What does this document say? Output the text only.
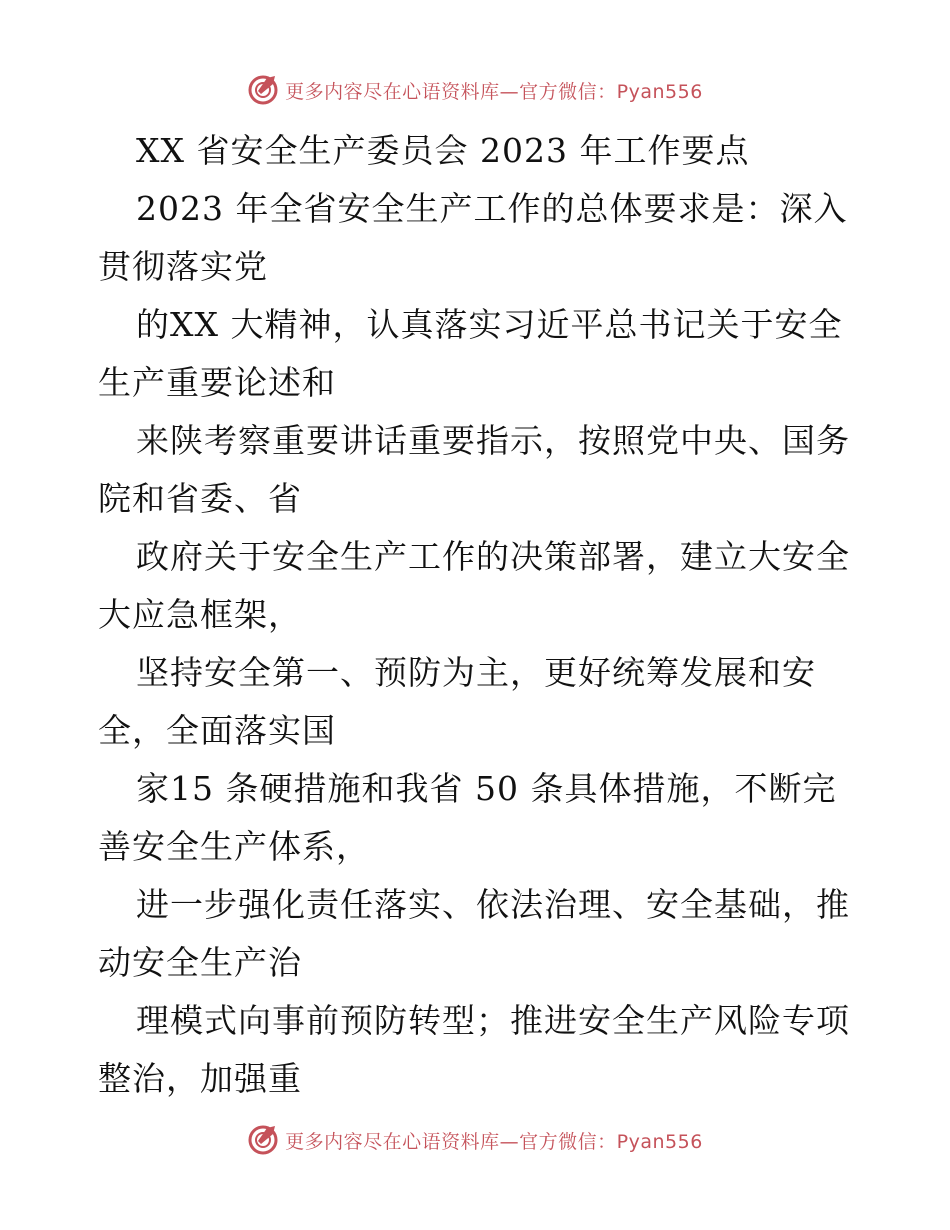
更多内容尽在心语资料库—官方微信：Pyan556
XX 省安全生产委员会 2023 年工作要点
2023 年全省安全生产工作的总体要求是：深入
贯彻落实党
的XX 大精神，认真落实习近平总书记关于安全
生产重要论述和
来陕考察重要讲话重要指示，按照党中央、国务
院和省委、省
政府关于安全生产工作的决策部署，建立大安全
大应急框架，
坚持安全第一、预防为主，更好统筹发展和安
全，全面落实国
家15 条硬措施和我省 50 条具体措施，不断完
善安全生产体系，
进一步强化责任落实、依法治理、安全基础，推
动安全生产治
理模式向事前预防转型；推进安全生产风险专项
整治，加强重
更多内容尽在心语资料库—官方微信：Pyan556
